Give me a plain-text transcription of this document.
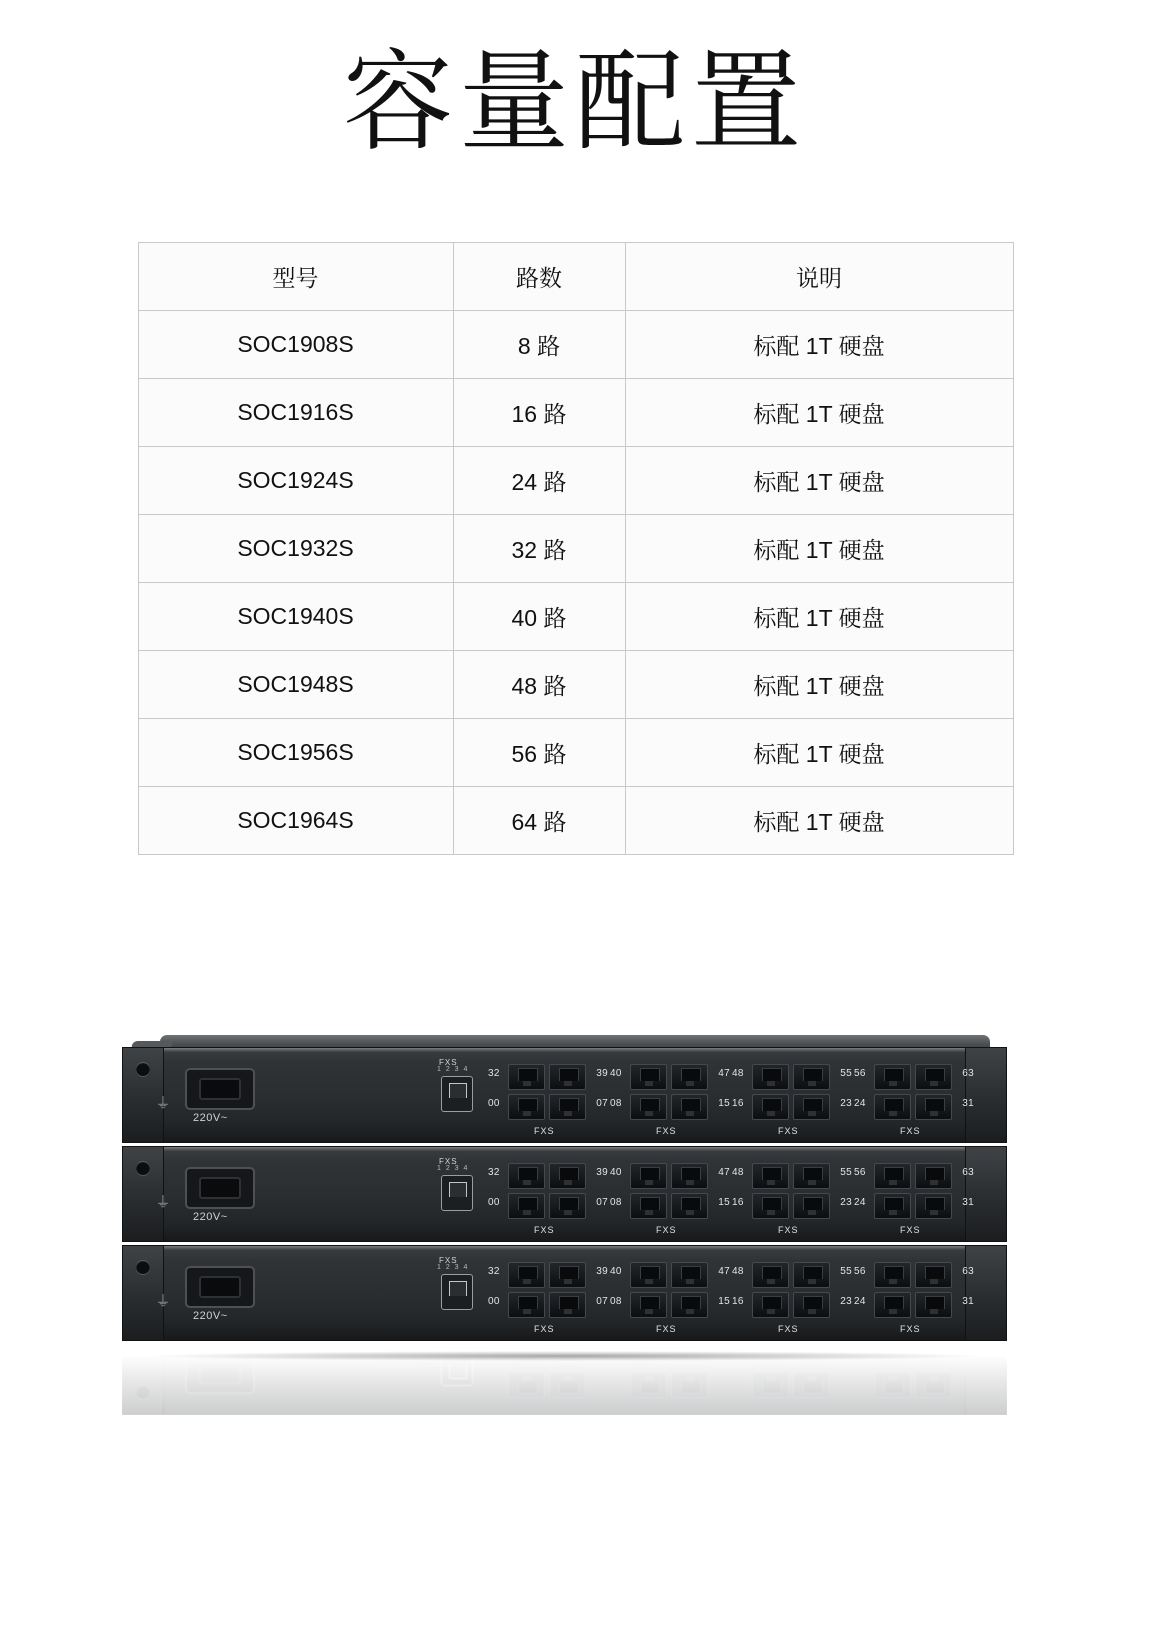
容量配置
型号	路数	说明
SOC1908S	8 路	标配 1T 硬盘
SOC1916S	16 路	标配 1T 硬盘
SOC1924S	24 路	标配 1T 硬盘
SOC1932S	32 路	标配 1T 硬盘
SOC1940S	40 路	标配 1T 硬盘
SOC1948S	48 路	标配 1T 硬盘
SOC1956S	56 路	标配 1T 硬盘
SOC1964S	64 路	标配 1T 硬盘
220V~
⏚
FXS
1 2 3 4 32	39
00	07
FXS
40	47
08	15
FXS
48	55
16	23
FXS
56	63
24	31
FXS
220V~
⏚
FXS
1 2 3 4 32	39
00	07
FXS
40	47
08	15
FXS
48	55
16	23
FXS
56	63
24	31
FXS
220V~
⏚
FXS
1 2 3 4 32	39
00	07
FXS
40	47
08	15
FXS
48	55
16	23
FXS
56	63
24	31
FXS
